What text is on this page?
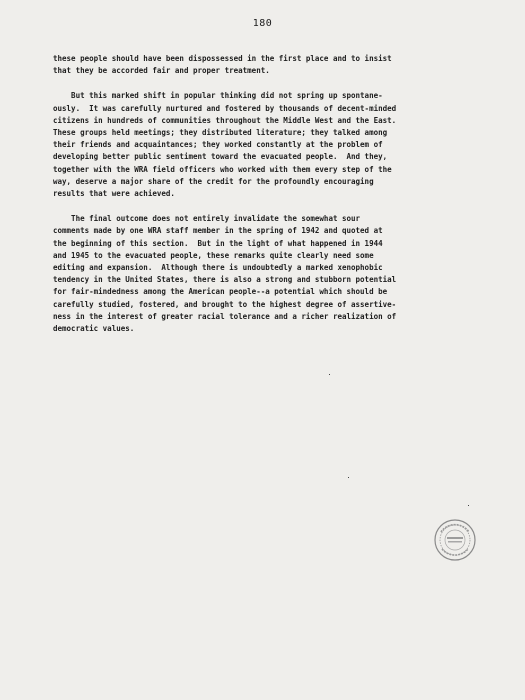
180

these people should have been dispossessed in the first place and to insist
that they be accorded fair and proper treatment.

But this marked shift in popular thinking did not spring up spontane-
ously.  It was carefully nurtured and fostered by thousands of decent-minded
citizens in hundreds of communities throughout the Middle West and the East.
These groups held meetings; they distributed literature; they talked among
their friends and acquaintances; they worked constantly at the problem of
developing better public sentiment toward the evacuated people.  And they,
together with the WRA field officers who worked with them every step of the
way, deserve a major share of the credit for the profoundly encouraging
results that were achieved.

The final outcome does not entirely invalidate the somewhat sour
comments made by one WRA staff member in the spring of 1942 and quoted at
the beginning of this section.  But in the light of what happened in 1944
and 1945 to the evacuated people, these remarks quite clearly need some
editing and expansion.  Although there is undoubtedly a marked xenophobic
tendency in the United States, there is also a strong and stubborn potential
for fair-mindedness among the American people--a potential which should be
carefully studied, fostered, and brought to the highest degree of assertive-
ness in the interest of greater racial tolerance and a richer realization of
democratic values.
